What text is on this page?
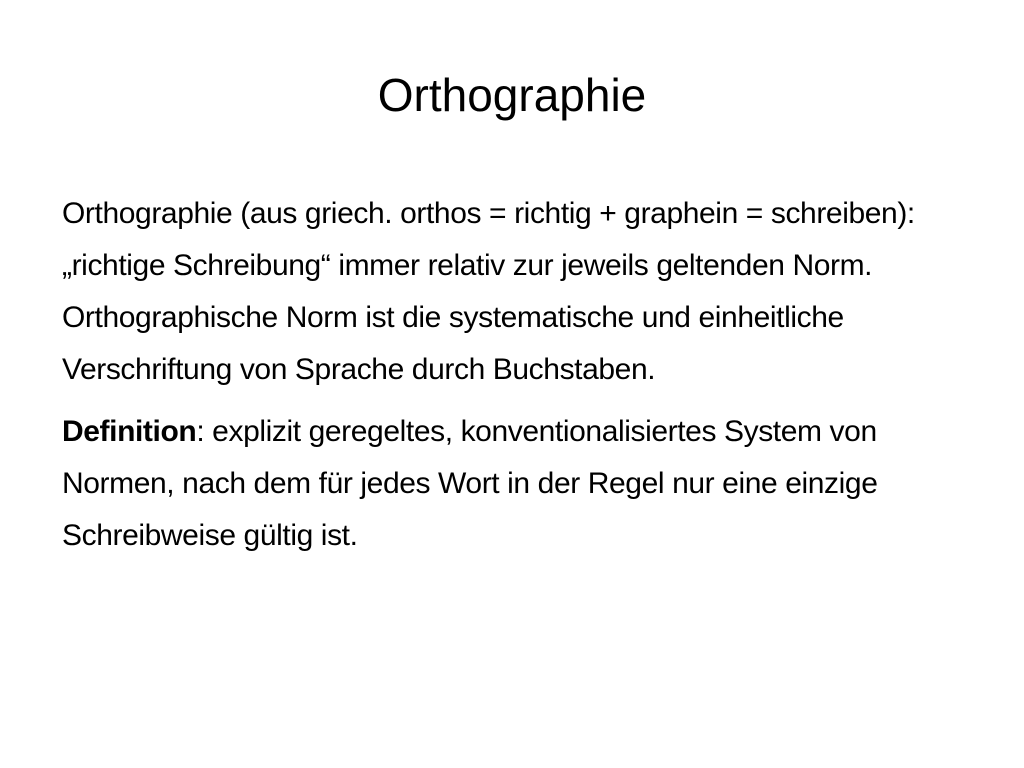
Orthographie

Orthographie (aus griech. orthos = richtig + graphein = schreiben): „richtige Schreibung“ immer relativ zur jeweils geltenden Norm. Orthographische Norm ist die systematische und einheitliche Verschriftung von Sprache durch Buchstaben.

Definition: explizit geregeltes, konventionalisiertes System von Normen, nach dem für jedes Wort in der Regel nur eine einzige Schreibweise gültig ist.
